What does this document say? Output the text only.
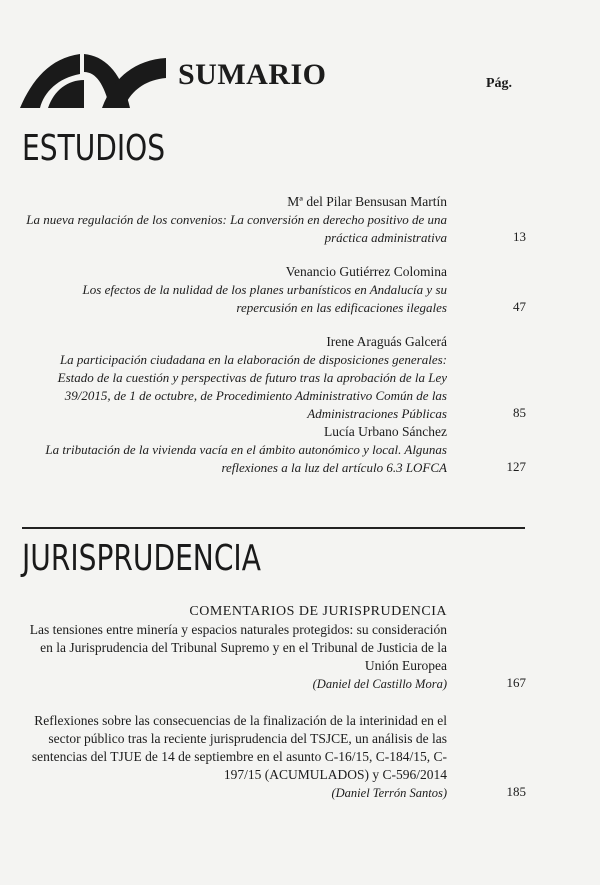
SUMARIO	Pág.
ESTUDIOS
Mª del Pilar Bensusan Martín
La nueva regulación de los convenios: La conversión en derecho positivo de una práctica administrativa	13
Venancio Gutiérrez Colomina
Los efectos de la nulidad de los planes urbanísticos en Andalucía y su repercusión en las edificaciones ilegales	47
Irene Araguás Galcerá
La participación ciudadana en la elaboración de disposiciones generales: Estado de la cuestión y perspectivas de futuro tras la aprobación de la Ley 39/2015, de 1 de octubre, de Procedimiento Administrativo Común de las Administraciones Públicas	85
Lucía Urbano Sánchez
La tributación de la vivienda vacía en el ámbito autonómico y local. Algunas reflexiones a la luz del artículo 6.3 LOFCA	127
JURISPRUDENCIA
COMENTARIOS DE JURISPRUDENCIA
Las tensiones entre minería y espacios naturales protegidos: su consideración en la Jurisprudencia del Tribunal Supremo y en el Tribunal de Justicia de la Unión Europea
(Daniel del Castillo Mora)	167
Reflexiones sobre las consecuencias de la finalización de la interinidad en el sector público tras la reciente jurisprudencia del TSJCE, un análisis de las sentencias del TJUE de 14 de septiembre en el asunto C-16/15, C-184/15, C-197/15 (ACUMULADOS) y C-596/2014
(Daniel Terrón Santos)	185
